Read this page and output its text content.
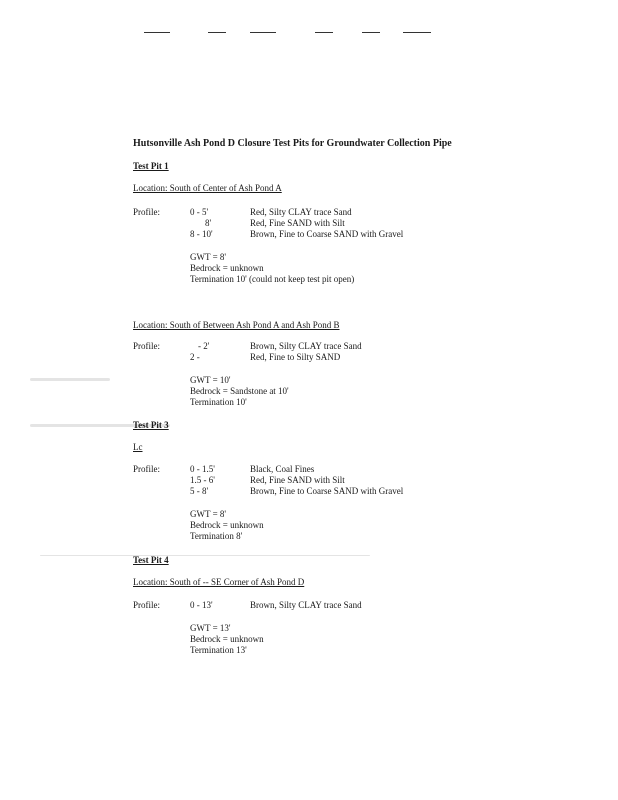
Hutsonville Ash Pond D Closure Test Pits for Groundwater Collection Pipe
Test Pit 1
Location: South of Center of Ash Pond A
Profile:	0 - 5'	Red, Silty CLAY trace Sand
8'	Red, Fine SAND with Silt
8 - 10'	Brown, Fine to Coarse SAND with Gravel
GWT = 8'
Bedrock = unknown
Termination 10' (could not keep test pit open)
Location: South of Between Ash Pond A and Ash Pond B
Profile:	- 2'	Brown, Silty CLAY trace Sand
2 -	Red, Fine to Silty SAND
GWT = 10'
Bedrock = Sandstone at 10'
Termination 10'
Test Pit 3
Lc
Profile:	0 - 1.5'	Black, Coal Fines
1.5 - 6'	Red, Fine SAND with Silt
5 - 8'	Brown, Fine to Coarse SAND with Gravel
GWT = 8'
Bedrock = unknown
Termination 8'
Test Pit 4
Location: South of -- SE Corner of Ash Pond D
Profile:	0 - 13'	Brown, Silty CLAY trace Sand
GWT = 13'
Bedrock = unknown
Termination 13'
